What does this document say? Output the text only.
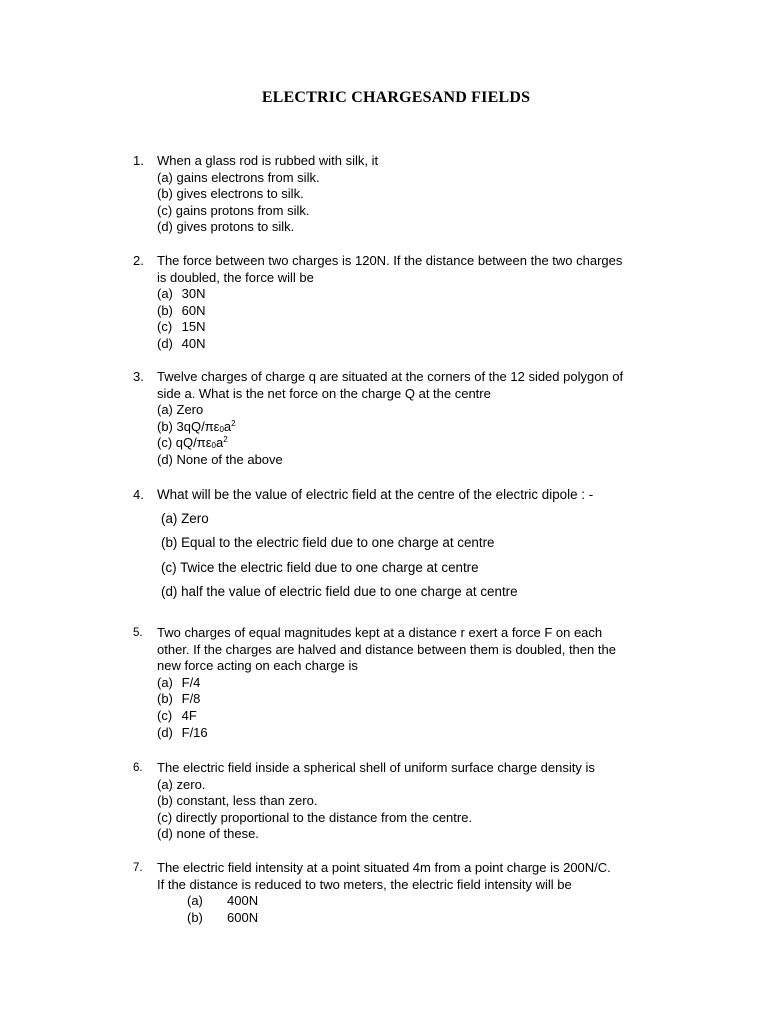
ELECTRIC CHARGESAND FIELDS
1.	When a glass rod is rubbed with silk, it
(a) gains electrons from silk.
(b) gives electrons to silk.
(c) gains protons from silk.
(d) gives protons to silk.
2.	The force between two charges is 120N. If the distance between the two charges
is doubled, the force will be
(a) 30N
(b) 60N
(c) 15N
(d) 40N
3.	Twelve charges of charge q are situated at the corners of the 12 sided polygon of
side a. What is the net force on the charge Q at the centre
(a) Zero
(b) $3qQ/\pi\varepsilon_0a^2$
(c) $qQ/\pi\varepsilon_0a^2$
(d) None of the above
4. What will be the value of electric field at the centre of the electric dipole : -
(a) Zero
(b) Equal to the electric field due to one charge at centre
(c) Twice the electric field due to one charge at centre
(d) half the value of electric field due to one charge at centre
5.	Two charges of equal magnitudes kept at a distance r exert a force F on each
other. If the charges are halved and distance between them is doubled, then the
new force acting on each charge is
(a) F/4
(b) F/8
(c) 4F
(d) F/16
6.	The electric field inside a spherical shell of uniform surface charge density is
(a) zero.
(b) constant, less than zero.
(c) directly proportional to the distance from the centre.
(d) none of these.
7.	The electric field intensity at a point situated 4m from a point charge is 200N/C.
If the distance is reduced to two meters, the electric field intensity will be
(a) 400N
(b) 600N
